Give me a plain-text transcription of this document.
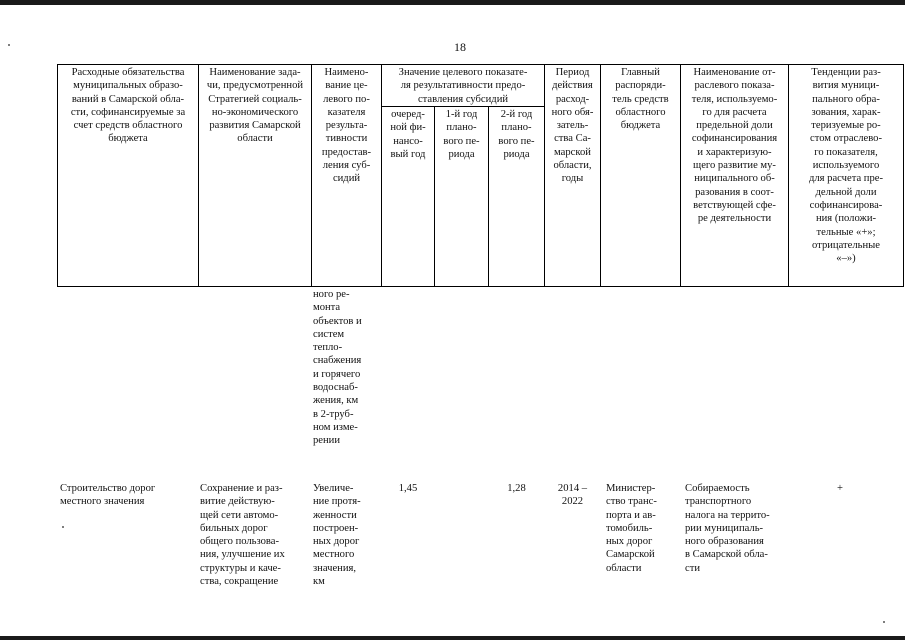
18
Расходные обязательства муниципальных образо-
ваний в Самарской обла-
сти, софинансируемые за
счет средств областного
бюджета
Наименование зада-
чи, предусмотренной
Стратегией социаль-
но-экономического
развития Самарской
области
Наимено-
вание це-
левого по-
казателя
результа-
тивности
предостав-
ления суб-
сидий
Значение целевого показате-
ля результативности предо-
ставления субсидий
очеред-
ной фи-
нансо-
вый год
1-й год
плано-
вого пе-
риода
2-й год
плано-
вого пе-
риода
Период
действия
расход-
ного обя-
затель-
ства Са-
марской
области,
годы
Главный
распоряди-
тель средств
областного
бюджета
Наименование от-
раслевого показа-
теля, используемо-
го для расчета
предельной доли
софинансирования
и характеризую-
щего развитие му-
ниципального об-
разования в соот-
ветствующей сфе-
ре деятельности
Тенденции раз-
вития муници-
пального обра-
зования, харак-
теризуемые ро-
стом отраслево-
го показателя,
используемого
для расчета пре-
дельной доли
софинансирова-
ния (положи-
тельные «+»;
отрицательные
«–»)
ного ре-
монта
объектов и
систем
тепло-
снабжения
и горячего
водоснаб-
жения, км
в 2-труб-
ном изме-
рении
Строительство дорог
местного значения
Сохранение и раз-
витие действую-
щей сети автомо-
бильных дорог
общего пользова-
ния, улучшение их
структуры и каче-
ства, сокращение
Увеличе-
ние протя-
женности
пострoен-
ных дорог
местного
значения,
км
1,45	1,28	2014 –
2022
Министер-
ство транс-
порта и ав-
томобиль-
ных дорог
Самарской
области
Собираемость
транспортного
налога на террито-
рии муниципаль-
ного образования
в Самарской обла-
сти
+
